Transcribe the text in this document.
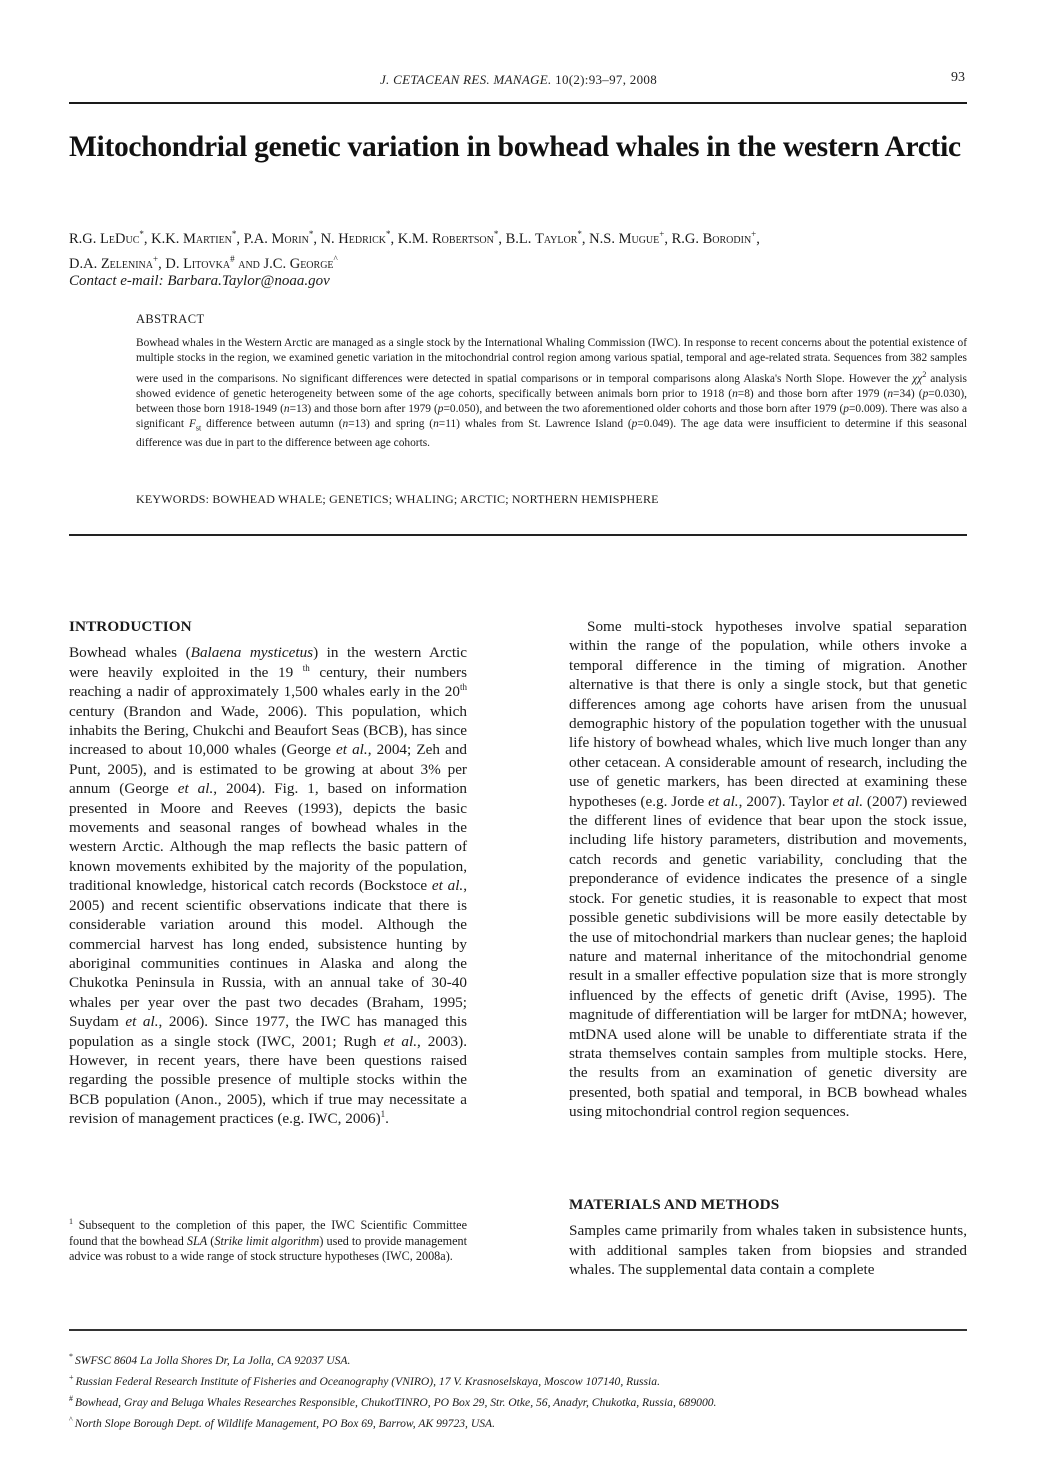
J. CETACEAN RES. MANAGE. 10(2):93–97, 2008	93
Mitochondrial genetic variation in bowhead whales in the western Arctic
R.G. LeDuc*, K.K. Martien*, P.A. Morin*, N. Hedrick*, K.M. Robertson*, B.L. Taylor*, N.S. Mugue+, R.G. Borodin+,
D.A. Zelenina+, D. Litovka# and J.C. George^
Contact e-mail: Barbara.Taylor@noaa.gov
ABSTRACT
Bowhead whales in the Western Arctic are managed as a single stock by the International Whaling Commission (IWC). In response to recent concerns about the potential existence of multiple stocks in the region, we examined genetic variation in the mitochondrial control region among various spatial, temporal and age-related strata. Sequences from 382 samples were used in the comparisons. No significant differences were detected in spatial comparisons or in temporal comparisons along Alaska's North Slope. However the $\chi\chi^2$ analysis showed evidence of genetic heterogeneity between some of the age cohorts, specifically between animals born prior to 1918 (n=8) and those born after 1979 (n=34) (p=0.030), between those born 1918-1949 (n=13) and those born after 1979 (p=0.050), and between the two aforementioned older cohorts and those born after 1979 (p=0.009). There was also a significant $F_{st}$ difference between autumn (n=13) and spring (n=11) whales from St. Lawrence Island (p=0.049). The age data were insufficient to determine if this seasonal difference was due in part to the difference between age cohorts.
KEYWORDS: BOWHEAD WHALE; GENETICS; WHALING; ARCTIC; NORTHERN HEMISPHERE
INTRODUCTION

Bowhead whales (Balaena mysticetus) in the western Arctic were heavily exploited in the 19 $^{th}$ century, their numbers reaching a nadir of approximately 1,500 whales early in the 20th century (Brandon and Wade, 2006). This population, which inhabits the Bering, Chukchi and Beaufort Seas (BCB), has since increased to about 10,000 whales (George et al., 2004; Zeh and Punt, 2005), and is estimated to be growing at about 3% per annum (George et al., 2004). Fig. 1, based on information presented in Moore and Reeves (1993), depicts the basic movements and seasonal ranges of bowhead whales in the western Arctic. Although the map reflects the basic pattern of known movements exhibited by the majority of the population, traditional knowledge, historical catch records (Bockstoce et al., 2005) and recent scientific observations indicate that there is considerable variation around this model. Although the commercial harvest has long ended, subsistence hunting by aboriginal communities continues in Alaska and along the Chukotka Peninsula in Russia, with an annual take of 30-40 whales per year over the past two decades (Braham, 1995; Suydam et al., 2006). Since 1977, the IWC has managed this population as a single stock (IWC, 2001; Rugh et al., 2003). However, in recent years, there have been questions raised regarding the possible presence of multiple stocks within the BCB population (Anon., 2005), which if true may necessitate a revision of management practices (e.g. IWC, 2006)$^1$.

$^1$ Subsequent to the completion of this paper, the IWC Scientific Committee found that the bowhead SLA (Strike limit algorithm) used to provide management advice was robust to a wide range of stock structure hypotheses (IWC, 2008a).

Some multi-stock hypotheses involve spatial separation within the range of the population, while others invoke a temporal difference in the timing of migration. Another alternative is that there is only a single stock, but that genetic differences among age cohorts have arisen from the unusual demographic history of the population together with the unusual life history of bowhead whales, which live much longer than any other cetacean. A considerable amount of research, including the use of genetic markers, has been directed at examining these hypotheses (e.g. Jorde et al., 2007). Taylor et al. (2007) reviewed the different lines of evidence that bear upon the stock issue, including life history parameters, distribution and movements, catch records and genetic variability, concluding that the preponderance of evidence indicates the presence of a single stock. For genetic studies, it is reasonable to expect that most possible genetic subdivisions will be more easily detectable by the use of mitochondrial markers than nuclear genes; the haploid nature and maternal inheritance of the mitochondrial genome result in a smaller effective population size that is more strongly influenced by the effects of genetic drift (Avise, 1995). The magnitude of differentiation will be larger for mtDNA; however, mtDNA used alone will be unable to differentiate strata if the strata themselves contain samples from multiple stocks. Here, the results from an examination of genetic diversity are presented, both spatial and temporal, in BCB bowhead whales using mitochondrial control region sequences.

MATERIALS AND METHODS

Samples came primarily from whales taken in subsistence hunts, with additional samples taken from biopsies and stranded whales. The supplemental data contain a complete

* SWFSC 8604 La Jolla Shores Dr, La Jolla, CA 92037 USA.
+ Russian Federal Research Institute of Fisheries and Oceanography (VNIRO), 17 V. Krasnoselskaya, Moscow 107140, Russia.
# Bowhead, Gray and Beluga Whales Researches Responsible, ChukotTINRO, PO Box 29, Str. Otke, 56, Anadyr, Chukotka, Russia, 689000.
^ North Slope Borough Dept. of Wildlife Management, PO Box 69, Barrow, AK 99723, USA.
